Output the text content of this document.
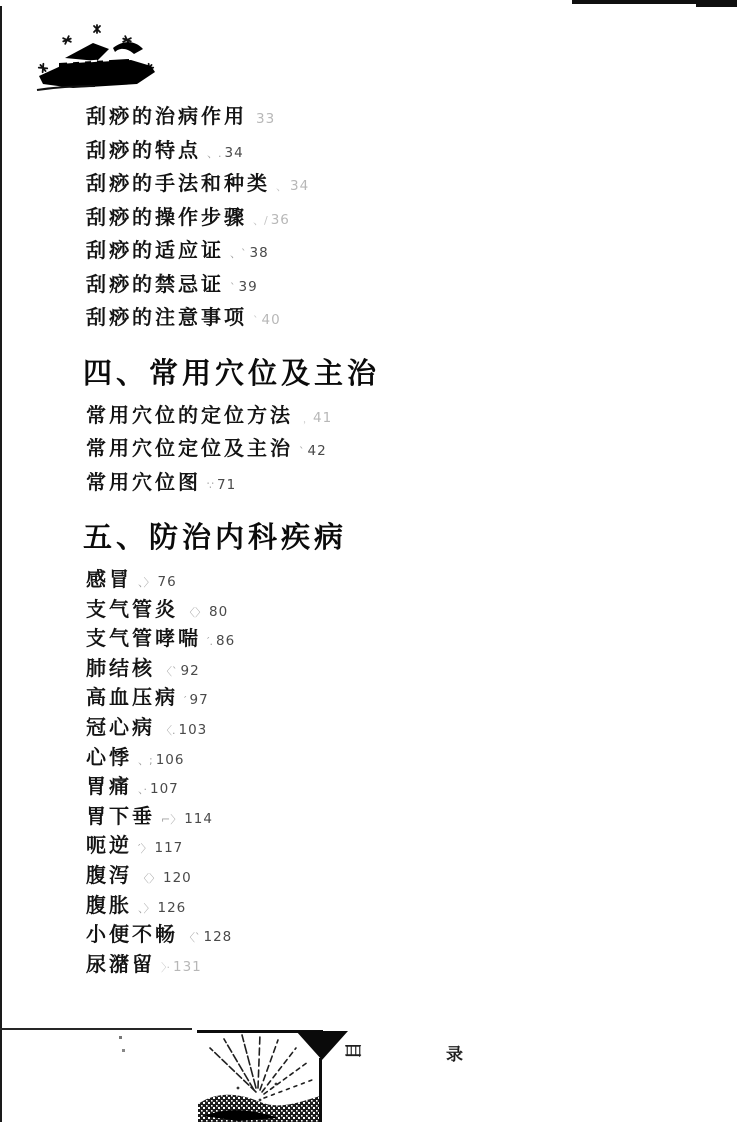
刮痧的治病作用 33
刮痧的特点 、. 34
刮痧的手法和种类 、 34
刮痧的操作步骤 、/ 36
刮痧的适应证 、` 38
刮痧的禁忌证 ` 39
刮痧的注意事项 ` 40
四、常用穴位及主治
常用穴位的定位方法 ﹐ 41
常用穴位定位及主治 ` 42
常用穴位图 ∵ 71
五、防治内科疾病
感冒 、〉 76
支气管炎 〈〉 80
支气管哮喘 ′. 86
肺结核 〈` 92
高血压病 ′ 97
冠心病 〈. 103
心悸 、; 106
胃痛 、· 107
胃下垂 ⌐〉 114
呃逆 ′〉 117
腹泻 〈〉 120
腹胀 、〉 126
小便不畅 〈` 128
尿潴留 〉· 131
目	录
